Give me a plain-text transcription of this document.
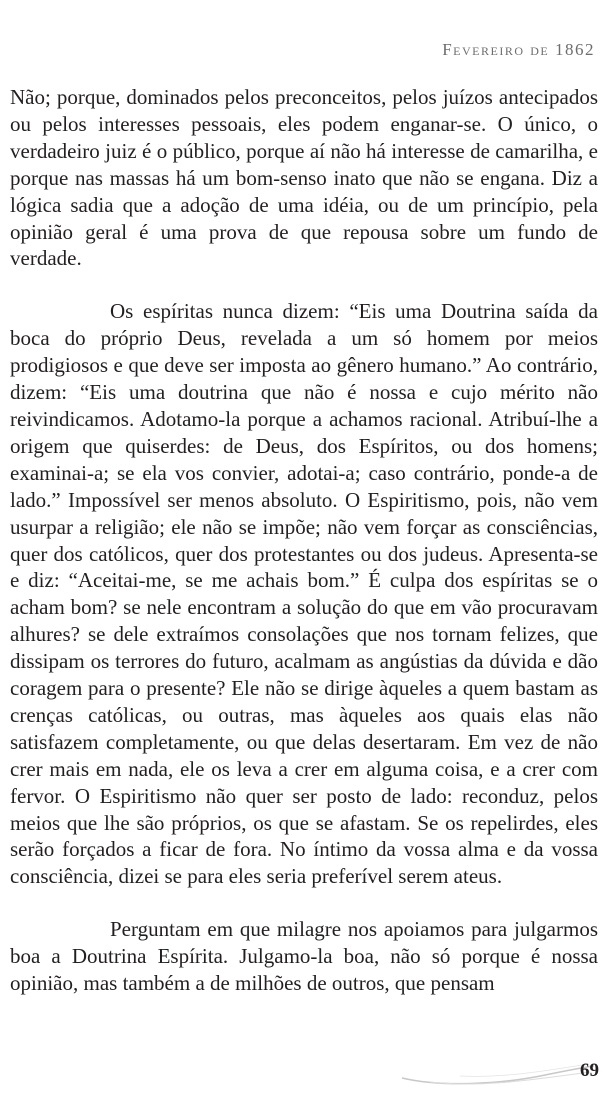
Fevereiro de 1862

Não; porque, dominados pelos preconceitos, pelos juízos antecipados ou pelos interesses pessoais, eles podem enganar-se. O único, o verdadeiro juiz é o público, porque aí não há interesse de camarilha, e porque nas massas há um bom-senso inato que não se engana. Diz a lógica sadia que a adoção de uma idéia, ou de um princípio, pela opinião geral é uma prova de que repousa sobre um fundo de verdade.

Os espíritas nunca dizem: “Eis uma Doutrina saída da boca do próprio Deus, revelada a um só homem por meios prodigiosos e que deve ser imposta ao gênero humano.” Ao contrário, dizem: “Eis uma doutrina que não é nossa e cujo mérito não reivindicamos. Adotamo-la porque a achamos racional. Atribuí-lhe a origem que quiserdes: de Deus, dos Espíritos, ou dos homens; examinai-a; se ela vos convier, adotai-a; caso contrário, ponde-a de lado.” Impossível ser menos absoluto. O Espiritismo, pois, não vem usurpar a religião; ele não se impõe; não vem forçar as consciências, quer dos católicos, quer dos protestantes ou dos judeus. Apresenta-se e diz: “Aceitai-me, se me achais bom.” É culpa dos espíritas se o acham bom? se nele encontram a solução do que em vão procuravam alhures? se dele extraímos consolações que nos tornam felizes, que dissipam os terrores do futuro, acalmam as angústias da dúvida e dão coragem para o presente? Ele não se dirige àqueles a quem bastam as crenças católicas, ou outras, mas àqueles aos quais elas não satisfazem completamente, ou que delas desertaram. Em vez de não crer mais em nada, ele os leva a crer em alguma coisa, e a crer com fervor. O Espiritismo não quer ser posto de lado: reconduz, pelos meios que lhe são próprios, os que se afastam. Se os repelirdes, eles serão forçados a ficar de fora. No íntimo da vossa alma e da vossa consciência, dizei se para eles seria preferível serem ateus.

Perguntam em que milagre nos apoiamos para julgarmos boa a Doutrina Espírita. Julgamo-la boa, não só porque é nossa opinião, mas também a de milhões de outros, que pensam

69
